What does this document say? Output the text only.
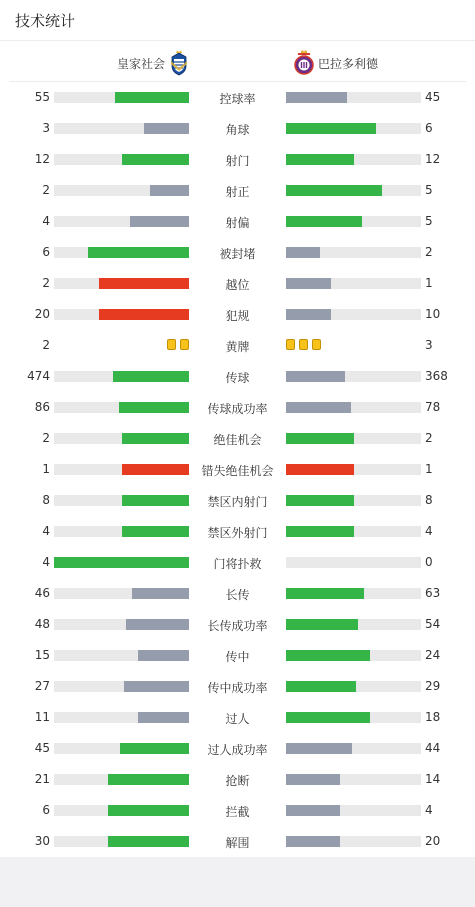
技术统计
皇家社会	巴拉多利德
55	控球率	45
3	角球	6
12	射门	12
2	射正	5
4	射偏	5
6	被封堵	2
2	越位	1
20	犯规	10
2	黄牌	3
474	传球	368
86	传球成功率	78
2	绝佳机会	2
1	错失绝佳机会	1
8	禁区内射门	8
4	禁区外射门	4
4	门将扑救	0
46	长传	63
48	长传成功率	54
15	传中	24
27	传中成功率	29
11	过人	18
45	过人成功率	44
21	抢断	14
6	拦截	4
30	解围	20
